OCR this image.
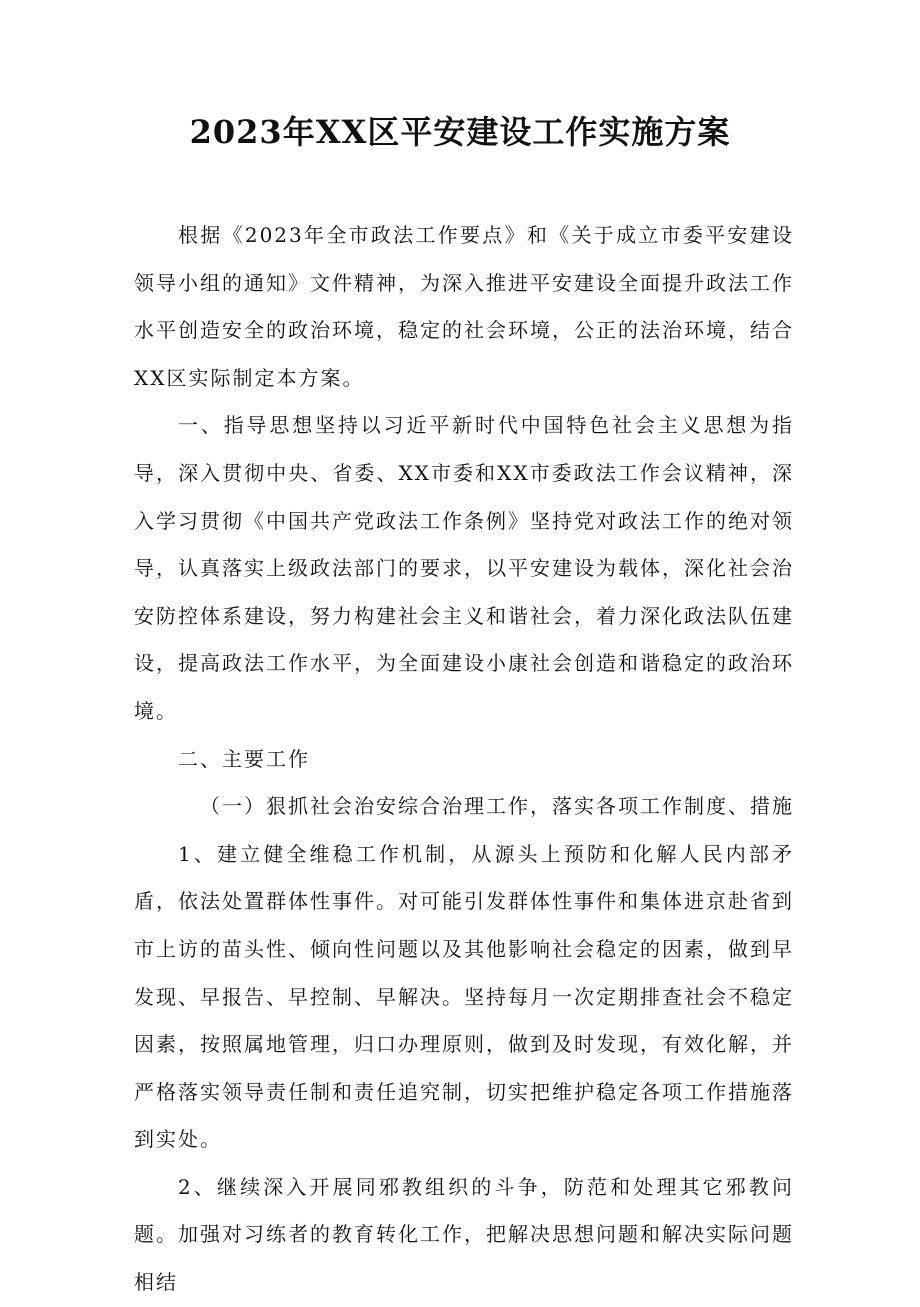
2023年XX区平安建设工作实施方案

根据《2023年全市政法工作要点》和《关于成立市委平安建设领导小组的通知》文件精神，为深入推进平安建设全面提升政法工作水平创造安全的政治环境，稳定的社会环境，公正的法治环境，结合XX区实际制定本方案。

一、指导思想坚持以习近平新时代中国特色社会主义思想为指导，深入贯彻中央、省委、XX市委和XX市委政法工作会议精神，深入学习贯彻《中国共产党政法工作条例》坚持党对政法工作的绝对领导，认真落实上级政法部门的要求，以平安建设为载体，深化社会治安防控体系建设，努力构建社会主义和谐社会，着力深化政法队伍建设，提高政法工作水平，为全面建设小康社会创造和谐稳定的政治环境。

二、主要工作

（一）狠抓社会治安综合治理工作，落实各项工作制度、措施

1、建立健全维稳工作机制，从源头上预防和化解人民内部矛盾，依法处置群体性事件。对可能引发群体性事件和集体进京赴省到市上访的苗头性、倾向性问题以及其他影响社会稳定的因素，做到早发现、早报告、早控制、早解决。坚持每月一次定期排查社会不稳定因素，按照属地管理，归口办理原则，做到及时发现，有效化解，并严格落实领导责任制和责任追究制，切实把维护稳定各项工作措施落到实处。

2、继续深入开展同邪教组织的斗争，防范和处理其它邪教问题。加强对习练者的教育转化工作，把解决思想问题和解决实际问题相结
